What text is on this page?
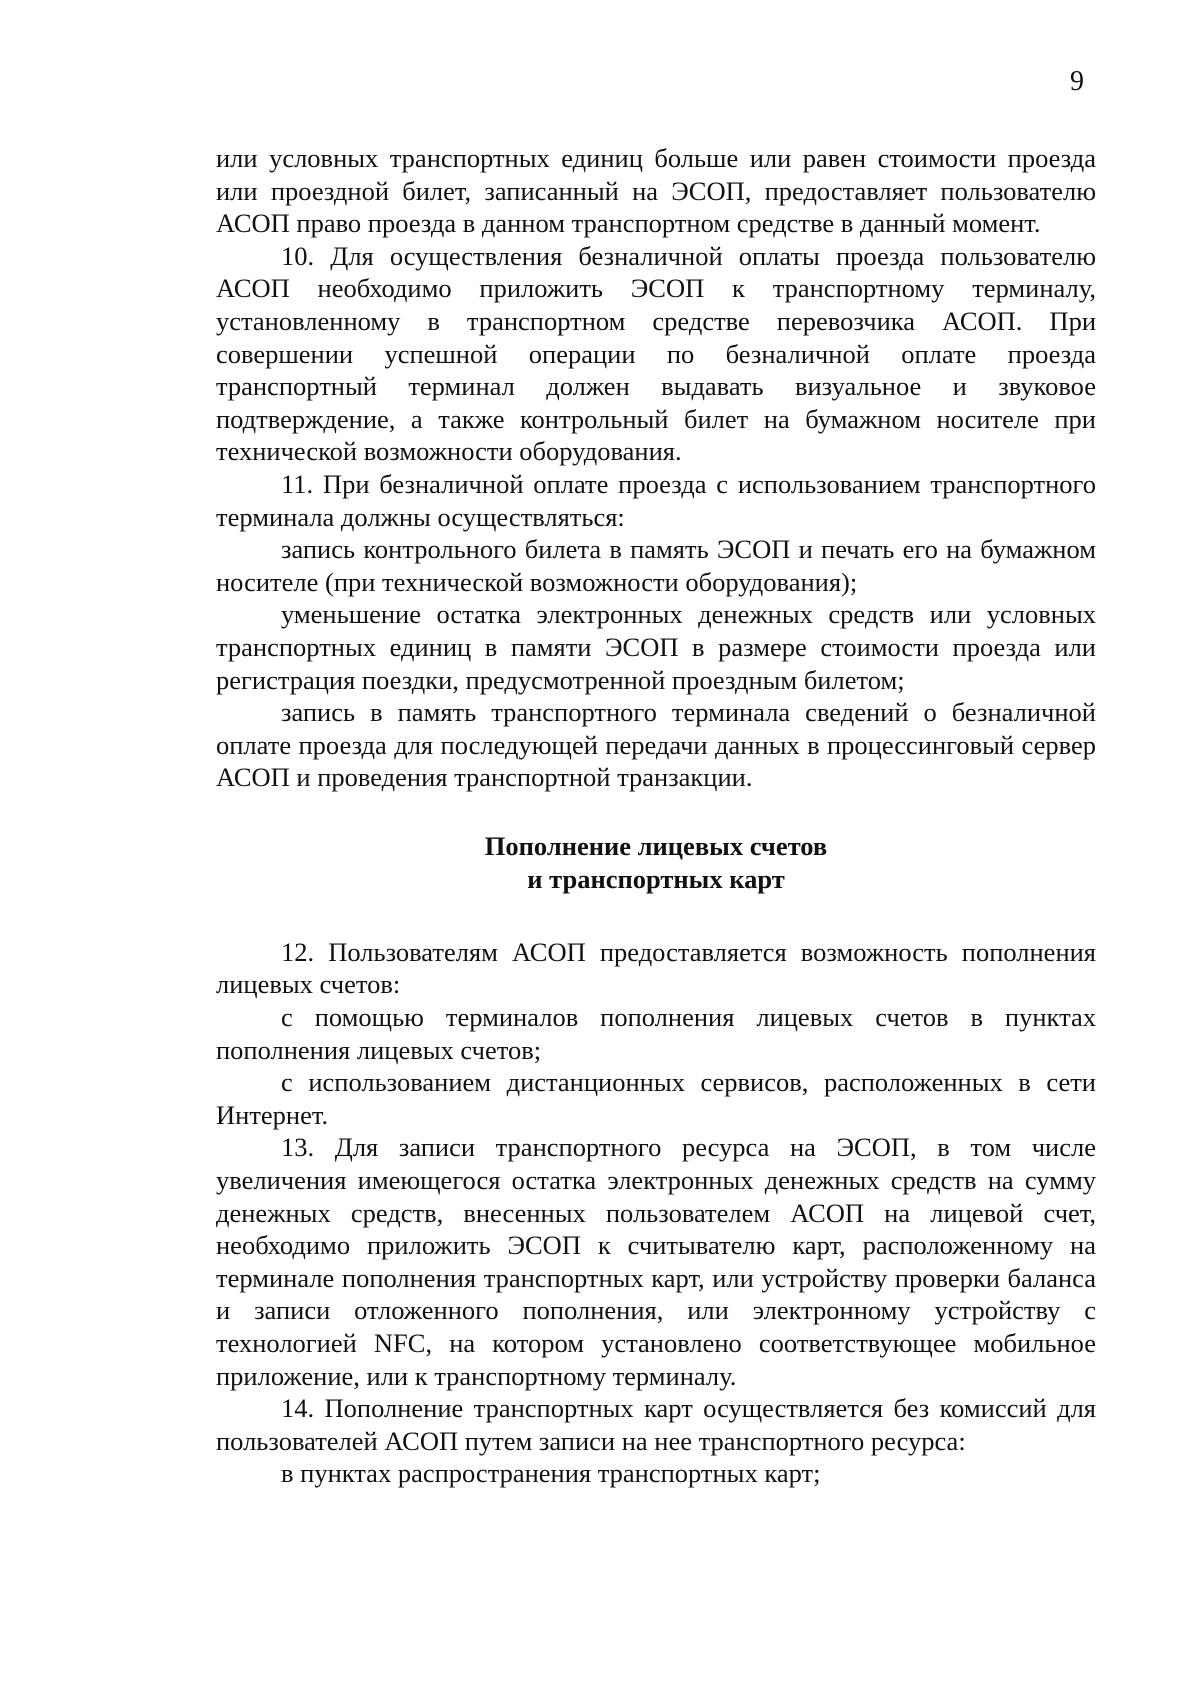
9

или условных транспортных единиц больше или равен стоимости проезда или проездной билет, записанный на ЭСОП, предоставляет пользователю АСОП право проезда в данном транспортном средстве в данный момент.

10. Для осуществления безналичной оплаты проезда пользователю АСОП необходимо приложить ЭСОП к транспортному терминалу, установленному в транспортном средстве перевозчика АСОП. При совершении успешной операции по безналичной оплате проезда транспортный терминал должен выдавать визуальное и звуковое подтверждение, а также контрольный билет на бумажном носителе при технической возможности оборудования.

11. При безналичной оплате проезда с использованием транспортного терминала должны осуществляться:

запись контрольного билета в память ЭСОП и печать его на бумажном носителе (при технической возможности оборудования);

уменьшение остатка электронных денежных средств или условных транспортных единиц в памяти ЭСОП в размере стоимости проезда или регистрация поездки, предусмотренной проездным билетом;

запись в память транспортного терминала сведений о безналичной оплате проезда для последующей передачи данных в процессинговый сервер АСОП и проведения транспортной транзакции.

Пополнение лицевых счетов
и транспортных карт

12. Пользователям АСОП предоставляется возможность пополнения лицевых счетов:

с помощью терминалов пополнения лицевых счетов в пунктах пополнения лицевых счетов;

с использованием дистанционных сервисов, расположенных в сети Интернет.

13. Для записи транспортного ресурса на ЭСОП, в том числе увеличения имеющегося остатка электронных денежных средств на сумму денежных средств, внесенных пользователем АСОП на лицевой счет, необходимо приложить ЭСОП к считывателю карт, расположенному на терминале пополнения транспортных карт, или устройству проверки баланса и записи отложенного пополнения, или электронному устройству с технологией NFC, на котором установлено соответствующее мобильное приложение, или к транспортному терминалу.

14. Пополнение транспортных карт осуществляется без комиссий для пользователей АСОП путем записи на нее транспортного ресурса:

в пунктах распространения транспортных карт;
